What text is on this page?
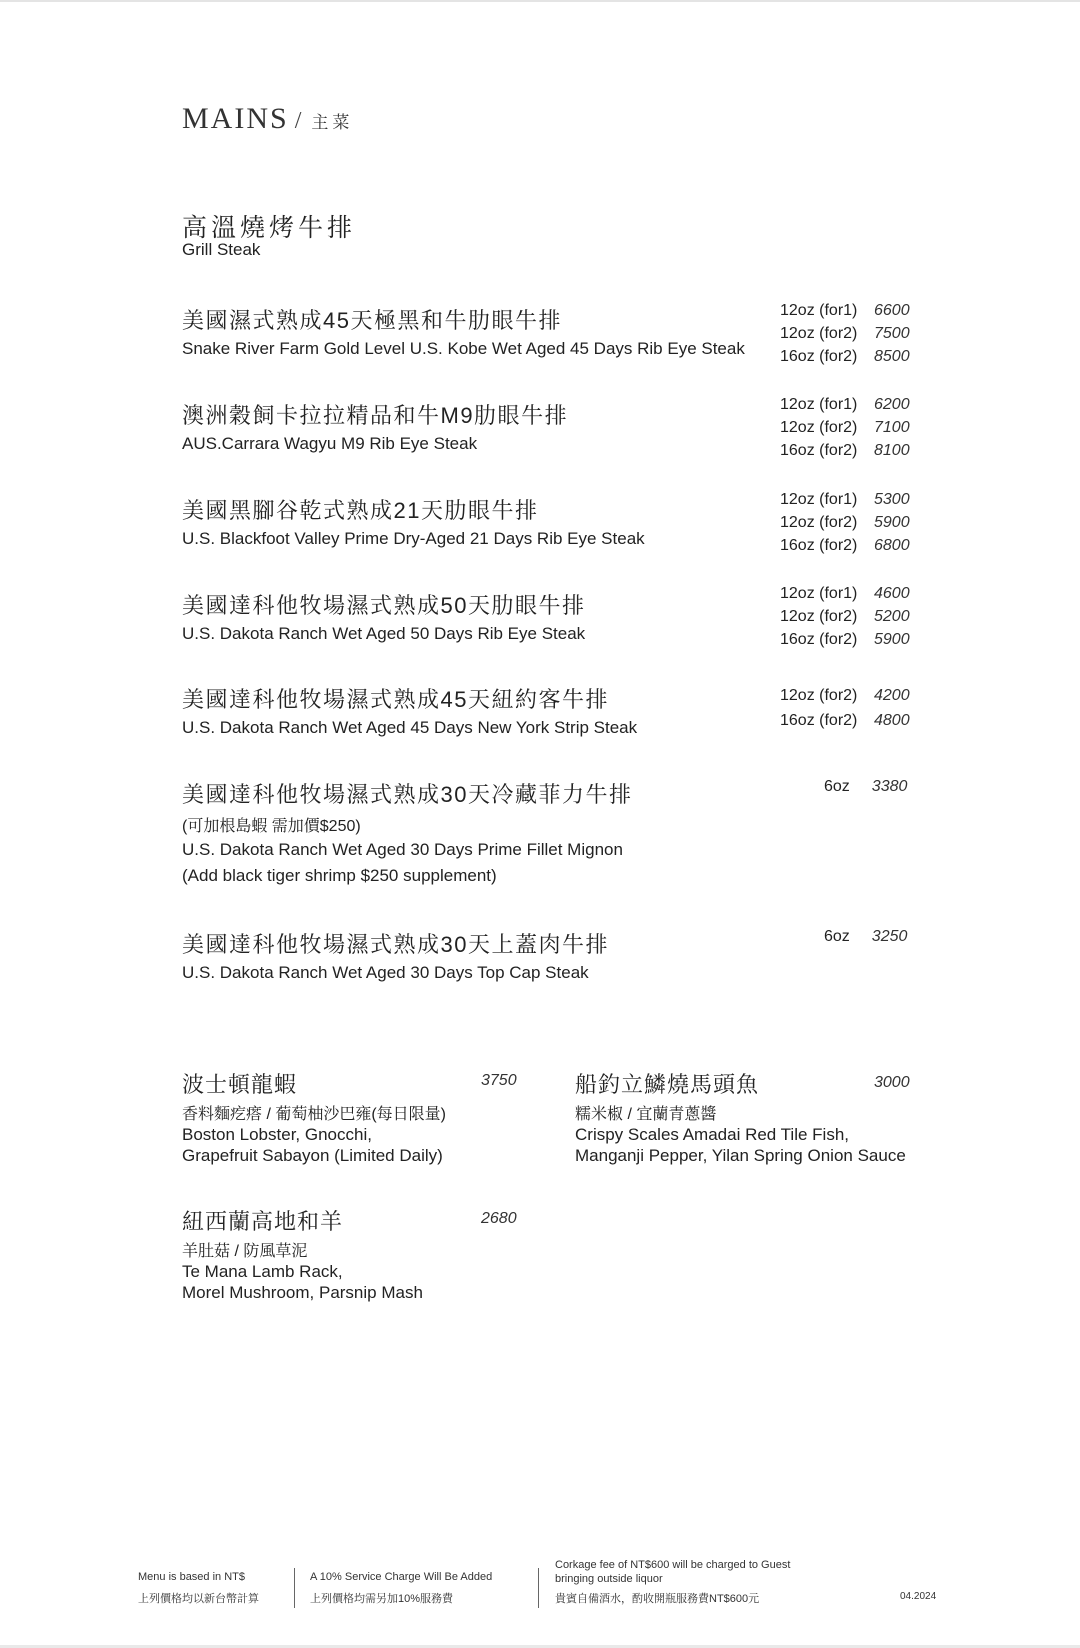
MAINS / 主菜
高溫燒烤牛排
Grill Steak
美國濕式熟成45天極黑和牛肋眼牛排
Snake River Farm Gold Level U.S. Kobe Wet Aged 45 Days Rib Eye Steak
12oz (for1)	6600
12oz (for2)	7500
16oz (for2)	8500
澳洲穀飼卡拉拉精品和牛M9肋眼牛排
AUS.Carrara Wagyu M9 Rib Eye Steak
12oz (for1)	6200
12oz (for2)	7100
16oz (for2)	8100
美國黑腳谷乾式熟成21天肋眼牛排
U.S. Blackfoot Valley Prime Dry-Aged 21 Days Rib Eye Steak
12oz (for1)	5300
12oz (for2)	5900
16oz (for2)	6800
美國達科他牧場濕式熟成50天肋眼牛排
U.S. Dakota Ranch Wet Aged 50 Days Rib Eye Steak
12oz (for1)	4600
12oz (for2)	5200
16oz (for2)	5900
美國達科他牧場濕式熟成45天紐約客牛排
U.S. Dakota Ranch Wet Aged 45 Days New York Strip Steak
12oz (for2)	4200
16oz (for2)	4800
美國達科他牧場濕式熟成30天冷藏菲力牛排
(可加根島蝦 需加價$250)
U.S. Dakota Ranch Wet Aged 30 Days Prime Fillet Mignon
(Add black tiger shrimp $250 supplement)
6oz 3380
美國達科他牧場濕式熟成30天上蓋肉牛排
U.S. Dakota Ranch Wet Aged 30 Days Top Cap Steak
6oz 3250
波士頓龍蝦
香料麵疙瘩 / 葡萄柚沙巴雍(每日限量)
Boston Lobster, Gnocchi,
Grapefruit Sabayon (Limited Daily)
3750	船釣立鱗燒馬頭魚
糯米椒 / 宜蘭青蔥醬
Crispy Scales Amadai Red Tile Fish,
Manganji Pepper, Yilan Spring Onion Sauce
3000
紐西蘭高地和羊
羊肚菇 / 防風草泥
Te Mana Lamb Rack,
Morel Mushroom, Parsnip Mash
2680
Menu is based in NT$
上列價格均以新台幣計算
A 10% Service Charge Will Be Added
上列價格均需另加10%服務費
Corkage fee of NT$600 will be charged to Guest
bringing outside liquor
貴賓自備酒水，酌收開瓶服務費NT$600元	04.2024
